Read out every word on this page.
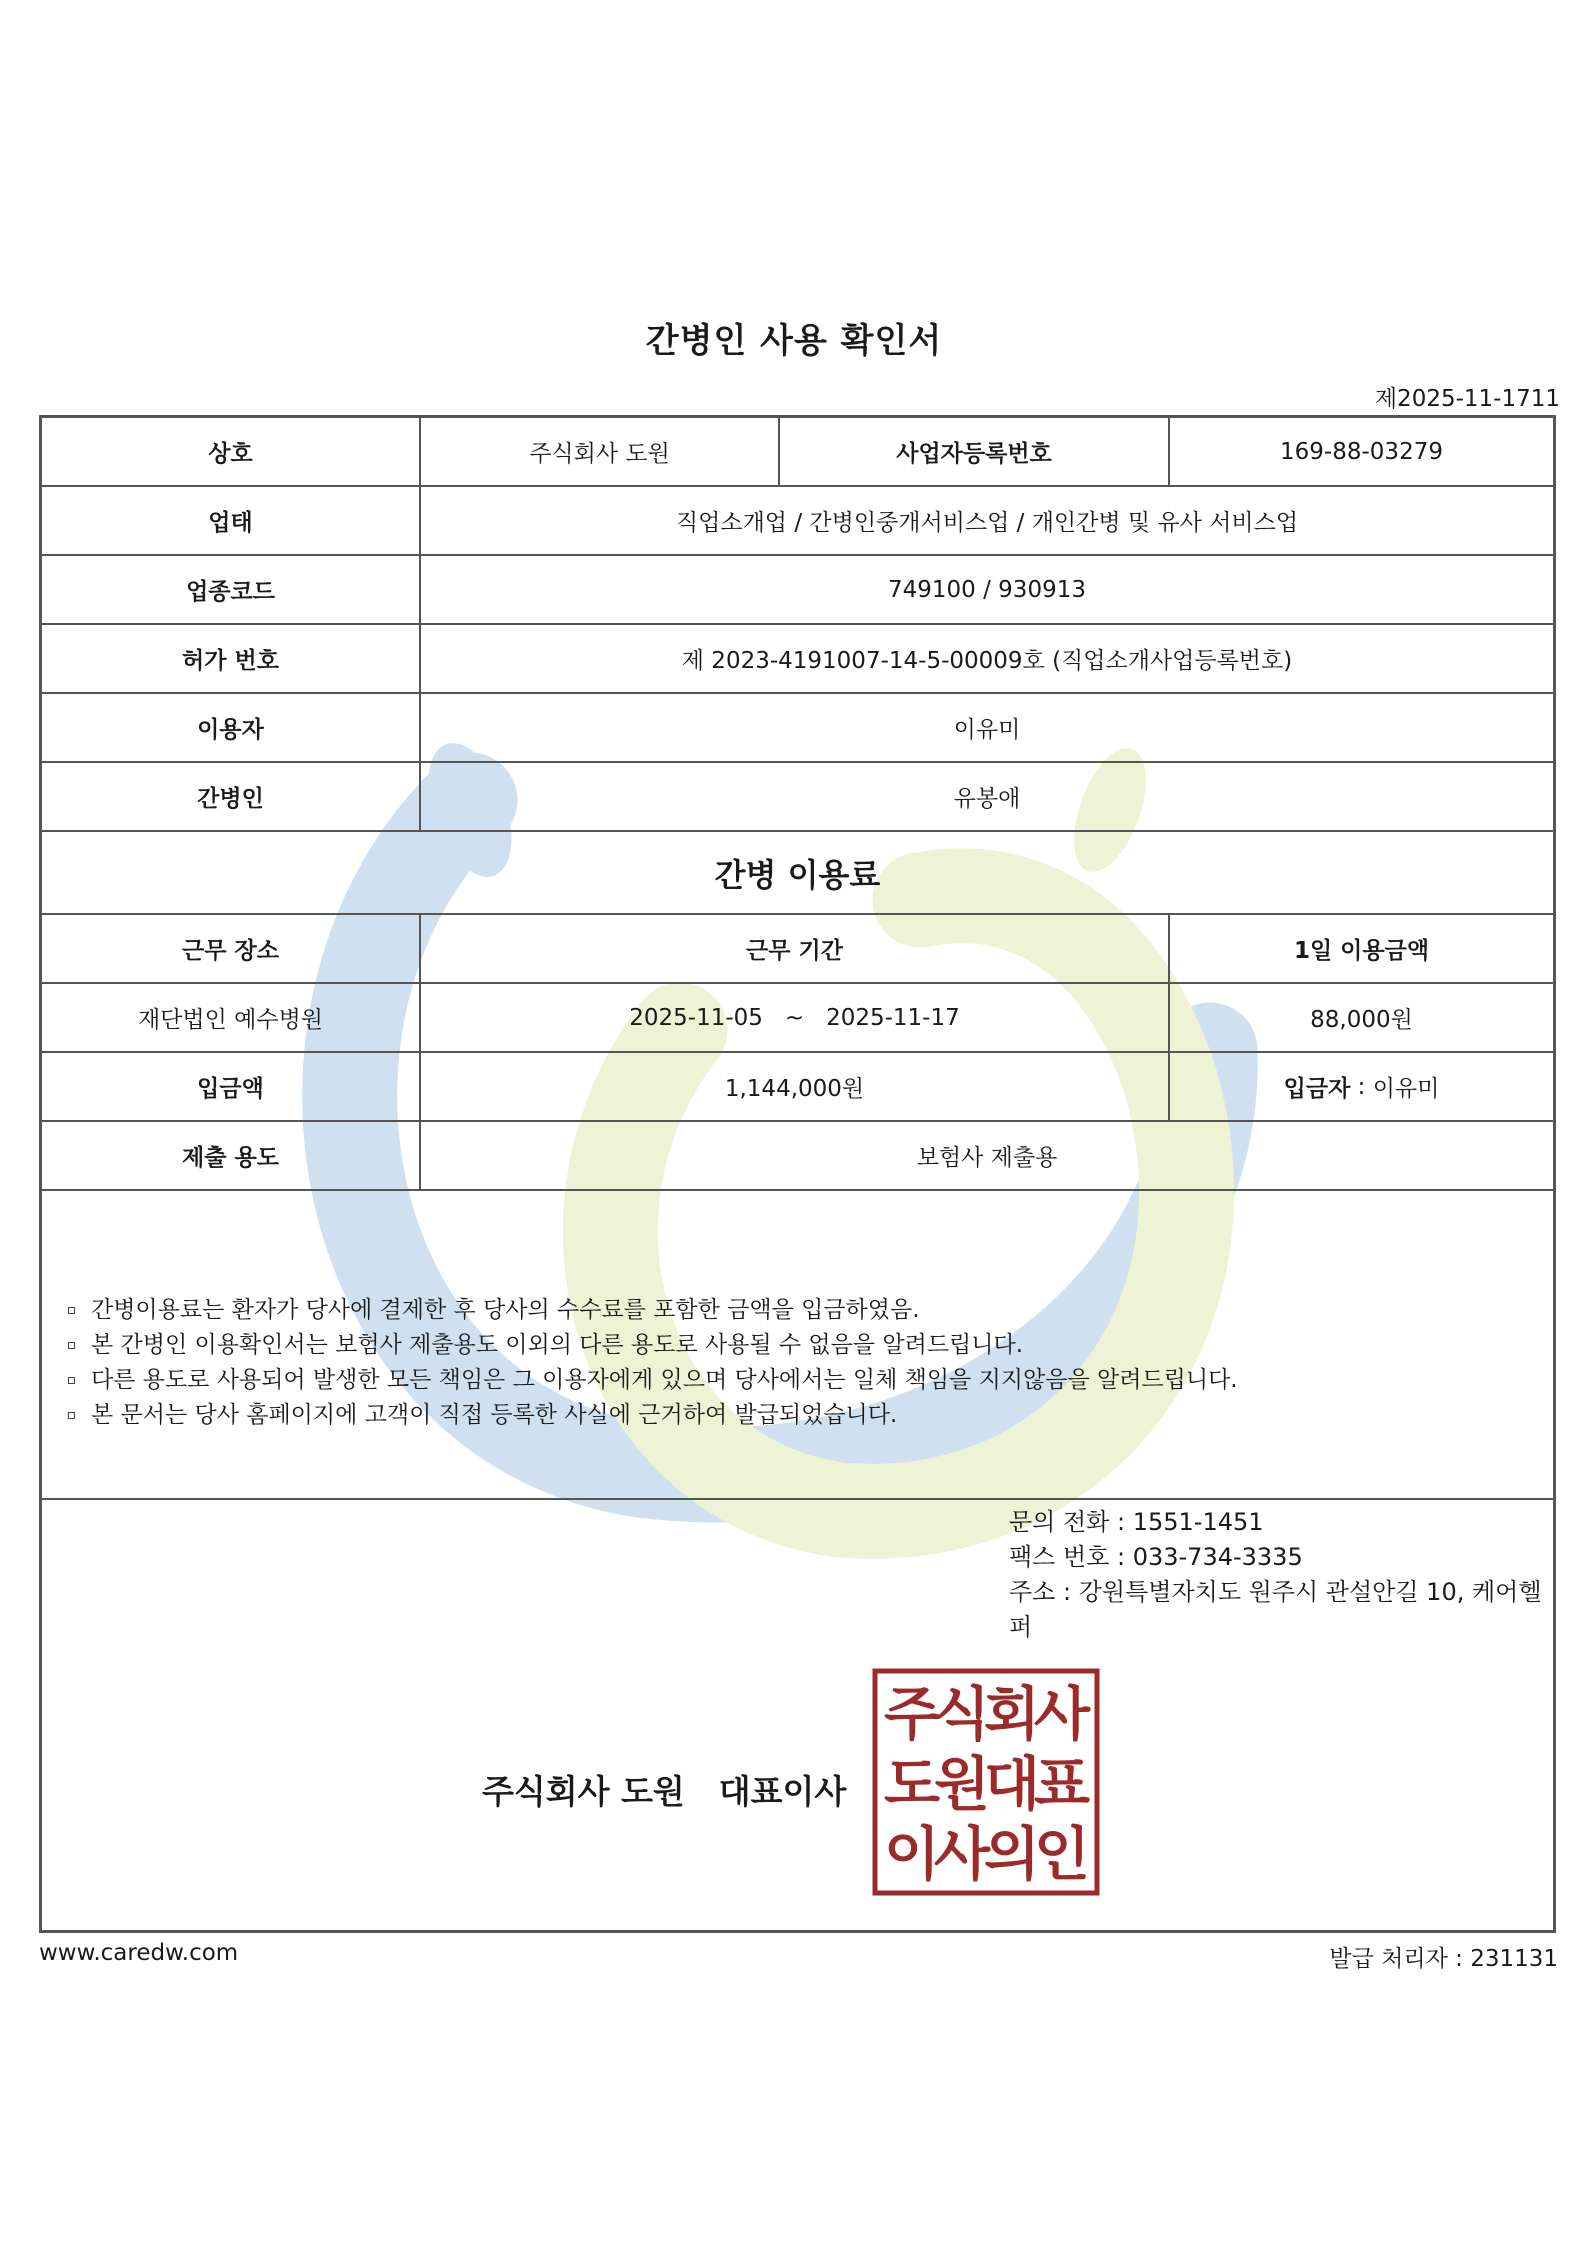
간병인 사용 확인서
제2025-11-1711
상호	주식회사 도원	사업자등록번호	169-88-03279
업태	직업소개업 / 간병인중개서비스업 / 개인간병 및 유사 서비스업
업종코드	749100 / 930913
허가 번호	제 2023-4191007-14-5-00009호 (직업소개사업등록번호)
이용자	이유미
간병인	유봉애
간병 이용료
근무 장소	근무 기간	1일 이용금액
재단법인 예수병원	2025-11-05   ~   2025-11-17	88,000원
입금액	1,144,000원	입금자 : 이유미
제출 용도	보험사 제출용
간병이용료는 환자가 당사에 결제한 후 당사의 수수료를 포함한 금액을 입금하였음.
본 간병인 이용확인서는 보험사 제출용도 이외의 다른 용도로 사용될 수 없음을 알려드립니다.
다른 용도로 사용되어 발생한 모든 책임은 그 이용자에게 있으며 당사에서는 일체 책임을 지지않음을 알려드립니다.
본 문서는 당사 홈페이지에 고객이 직접 등록한 사실에 근거하여 발급되었습니다.
문의 전화 : 1551-1451
팩스 번호 : 033-734-3335
주소 : 강원특별자치도 원주시 관설안길 10, 케어헬퍼
주식회사 도원 대표이사
주
식
회
사
도
원
대
표
이
사
의
인
www.caredw.com	발급 처리자 : 231131
